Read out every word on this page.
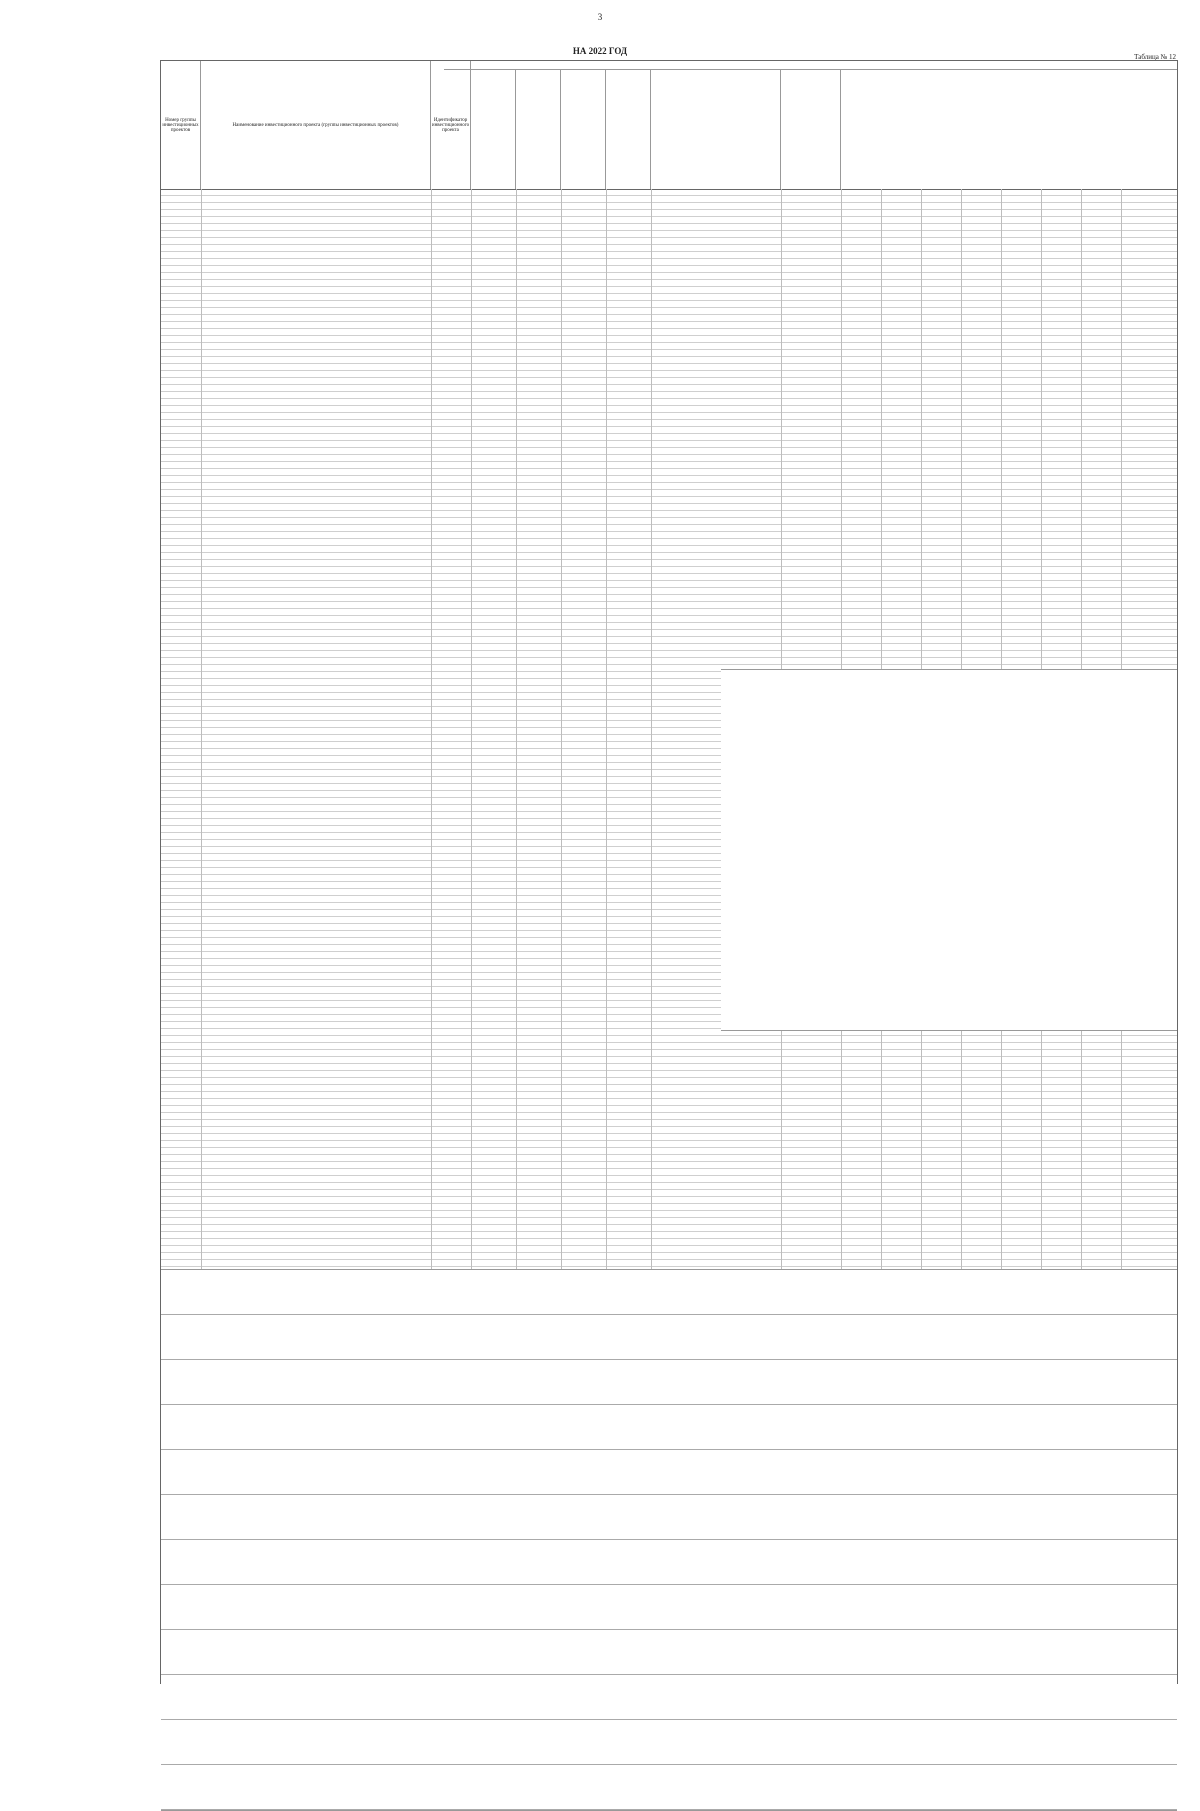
3
НА 2022 ГОД
Таблица № 12
Номер группы инвестиционных проектов
Наименование инвестиционного проекта (группы инвестиционных проектов)
Идентификатор инвестиционного проекта
